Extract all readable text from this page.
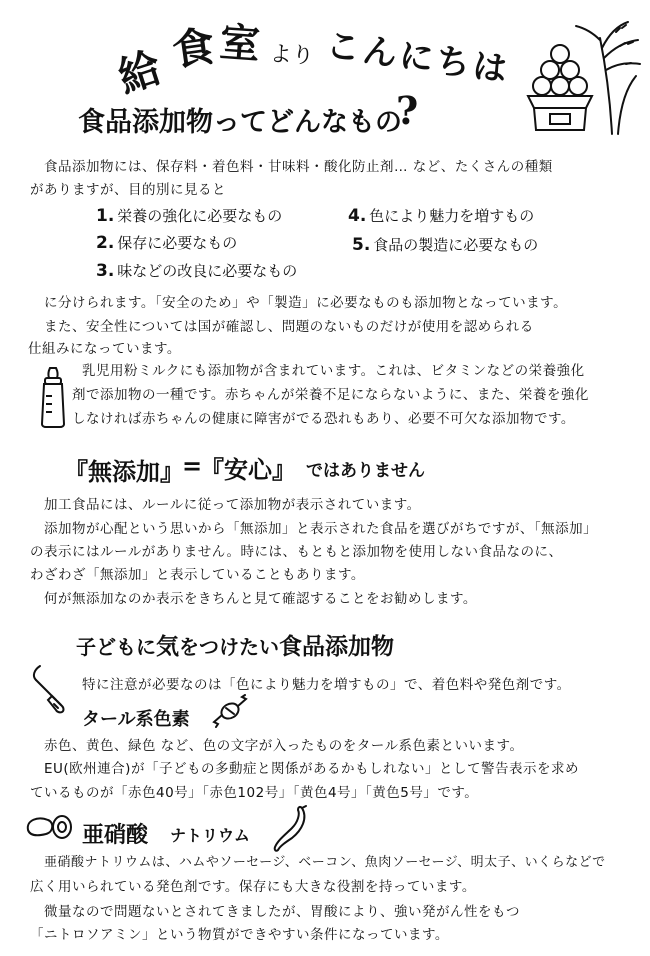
給 食 室 より こんにちは
食品添加物ってどんなもの
?
食品添加物には、保存料・着色料・甘味料・酸化防止剤… など、たくさんの種類
がありますが、目的別に見ると
1. 栄養の強化に必要なもの
2. 保存に必要なもの
3. 味などの改良に必要なもの
4. 色により魅力を増すもの
5. 食品の製造に必要なもの
に分けられます。「安全のため」や「製造」に必要なものも添加物となっています。
また、安全性については国が確認し、問題のないものだけが使用を認められる
仕組みになっています。
乳児用粉ミルクにも添加物が含まれています。これは、ビタミンなどの栄養強化
剤で添加物の一種です。赤ちゃんが栄養不足にならないように、また、栄養を強化
しなければ赤ちゃんの健康に障害がでる恐れもあり、必要不可欠な添加物です。
『無添加』
=
『安心』 ではありません
加工食品には、ルールに従って添加物が表示されています。
添加物が心配という思いから「無添加」と表示された食品を選びがちですが、「無添加」
の表示にはルールがありません。時には、もともと添加物を使用しない食品なのに、
わざわざ「無添加」と表示していることもあります。
何が無添加なのか表示をきちんと見て確認することをお勧めします。
子どもに気をつけたい食品添加物
特に注意が必要なのは「色により魅力を増すもの」で、着色料や発色剤です。
タール系色素
赤色、黄色、緑色 など、色の文字が入ったものをタール系色素といいます。
EU(欧州連合)が「子どもの多動症と関係があるかもしれない」として警告表示を求め
ているものが「赤色40号」「赤色102号」「黄色4号」「黄色5号」です。
亜硝酸 ナトリウム
亜硝酸ナトリウムは、ハムやソーセージ、ベーコン、魚肉ソーセージ、明太子、いくらなどで
広く用いられている発色剤です。保存にも大きな役割を持っています。
微量なので問題ないとされてきましたが、胃酸により、強い発がん性をもつ
「ニトロソアミン」という物質ができやすい条件になっています。
